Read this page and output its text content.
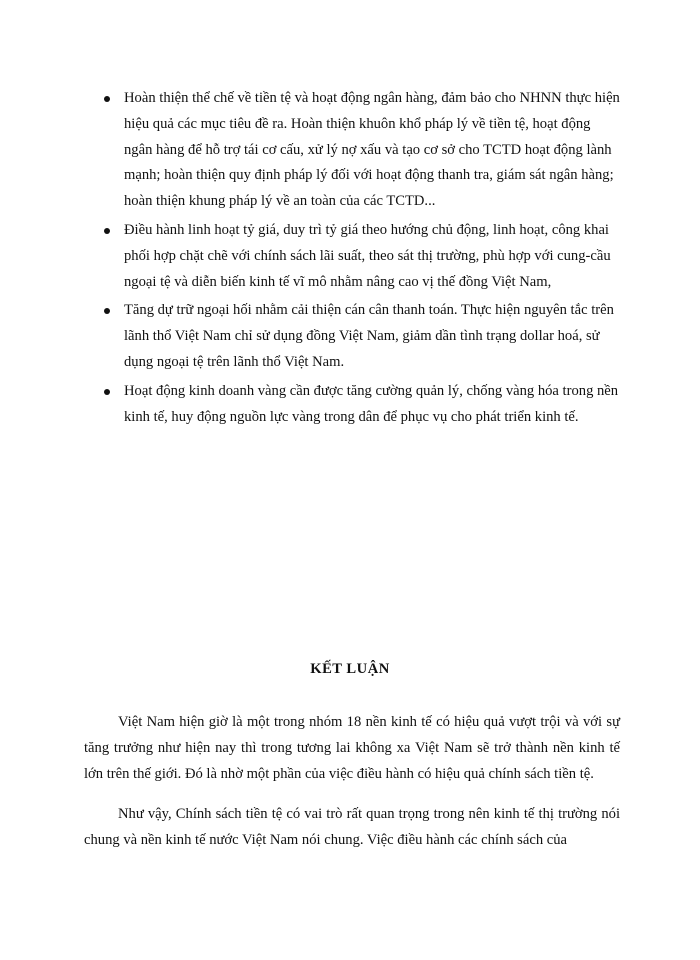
Hoàn thiện thể chế về tiền tệ và hoạt động ngân hàng, đảm bảo cho NHNN thực hiện hiệu quả các mục tiêu đề ra. Hoàn thiện khuôn khổ pháp lý về tiền tệ, hoạt động ngân hàng để hỗ trợ tái cơ cấu, xử lý nợ xấu và tạo cơ sở cho TCTD hoạt động lành mạnh; hoàn thiện quy định pháp lý đối với hoạt động thanh tra, giám sát ngân hàng; hoàn thiện khung pháp lý về an toàn của các TCTD...
Điều hành linh hoạt tỷ giá, duy trì tỷ giá theo hướng chủ động, linh hoạt, công khai phối hợp chặt chẽ với chính sách lãi suất, theo sát thị trường, phù hợp với cung-cầu ngoại tệ và diễn biến kinh tế vĩ mô nhằm nâng cao vị thế đồng Việt Nam,
Tăng dự trữ ngoại hối nhằm cải thiện cán cân thanh toán. Thực hiện nguyên tắc trên lãnh thổ Việt Nam chỉ sử dụng đồng Việt Nam, giảm dần tình trạng dollar hoá, sử dụng ngoại tệ trên lãnh thổ Việt Nam.
Hoạt động kinh doanh vàng cần được tăng cường quản lý, chống vàng hóa trong nền kinh tế, huy động nguồn lực vàng trong dân để phục vụ cho phát triển kinh tế.
KẾT LUẬN

Việt Nam hiện giờ là một trong nhóm 18 nền kinh tế có hiệu quả vượt trội và với sự tăng trưởng như hiện nay thì trong tương lai không xa Việt Nam sẽ trở thành nền kinh tế lớn trên thế giới. Đó là nhờ một phần của việc điều hành có hiệu quả chính sách tiền tệ.

Như vậy, Chính sách tiền tệ có vai trò rất quan trọng trong nên kinh tế thị trường nói chung và nền kinh tế nước Việt Nam nói chung. Việc điều hành các chính sách của
